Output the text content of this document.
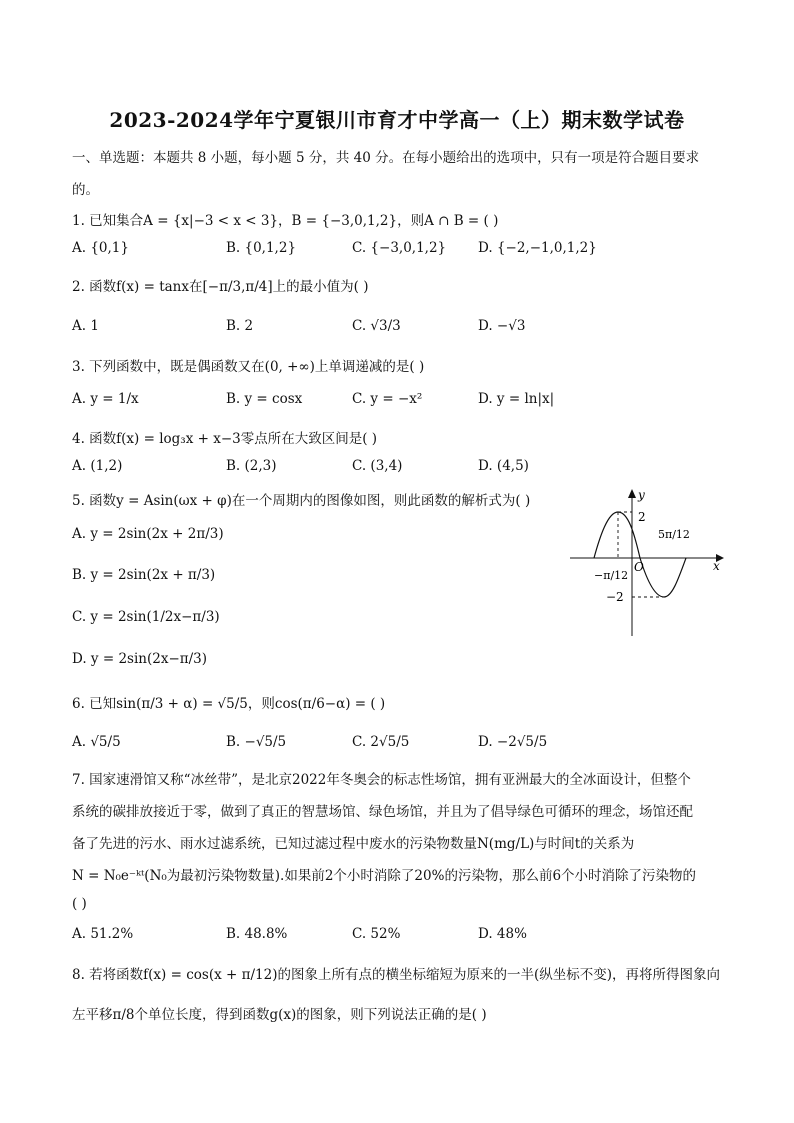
2023-2024学年宁夏银川市育才中学高一（上）期末数学试卷
一、单选题：本题共 8 小题，每小题 5 分，共 40 分。在每小题给出的选项中，只有一项是符合题目要求
的。
1. 已知集合A = {x|−3 < x < 3}，B = {−3,0,1,2}，则A ∩ B = ( )
A. {0,1}	B. {0,1,2}	C. {−3,0,1,2} D. {−2,−1,0,1,2}
2. 函数f(x) = tanx在[−π/3,π/4]上的最小值为( )
A. 1	B. 2	C. √3/3	D. −√3
3. 下列函数中，既是偶函数又在(0, +∞)上单调递减的是( )
A. y = 1/x	B. y = cosx	C. y = −x²	D. y = ln|x|
4. 函数f(x) = log₃x + x−3零点所在大致区间是( )
A. (1,2)	B. (2,3)	C. (3,4)	D. (4,5)
5. 函数y = Asin(ωx + φ)在一个周期内的图像如图，则此函数的解析式为( )
A. y = 2sin(2x + 2π/3)
B. y = 2sin(2x + π/3)
C. y = 2sin(1/2x−π/3)
D. y = 2sin(2x−π/3)
y
x
O
2
−2
−π/12
5π/12
6. 已知sin(π/3 + α) = √5/5，则cos(π/6−α) = ( )
A. √5/5	B. −√5/5	C. 2√5/5	D. −2√5/5
7. 国家速滑馆又称“冰丝带”，是北京2022年冬奥会的标志性场馆，拥有亚洲最大的全冰面设计，但整个
系统的碳排放接近于零，做到了真正的智慧场馆、绿色场馆，并且为了倡导绿色可循环的理念，场馆还配
备了先进的污水、雨水过滤系统，已知过滤过程中废水的污染物数量N(mg/L)与时间t的关系为
N = N₀e⁻ᵏᵗ(N₀为最初污染物数量).如果前2个小时消除了20%的污染物，那么前6个小时消除了污染物的
( )
A. 51.2%	B. 48.8%	C. 52%	D. 48%
8. 若将函数f(x) = cos(x + π/12)的图象上所有点的横坐标缩短为原来的一半(纵坐标不变)，再将所得图象向
左平移π/8个单位长度，得到函数g(x)的图象，则下列说法正确的是( )
